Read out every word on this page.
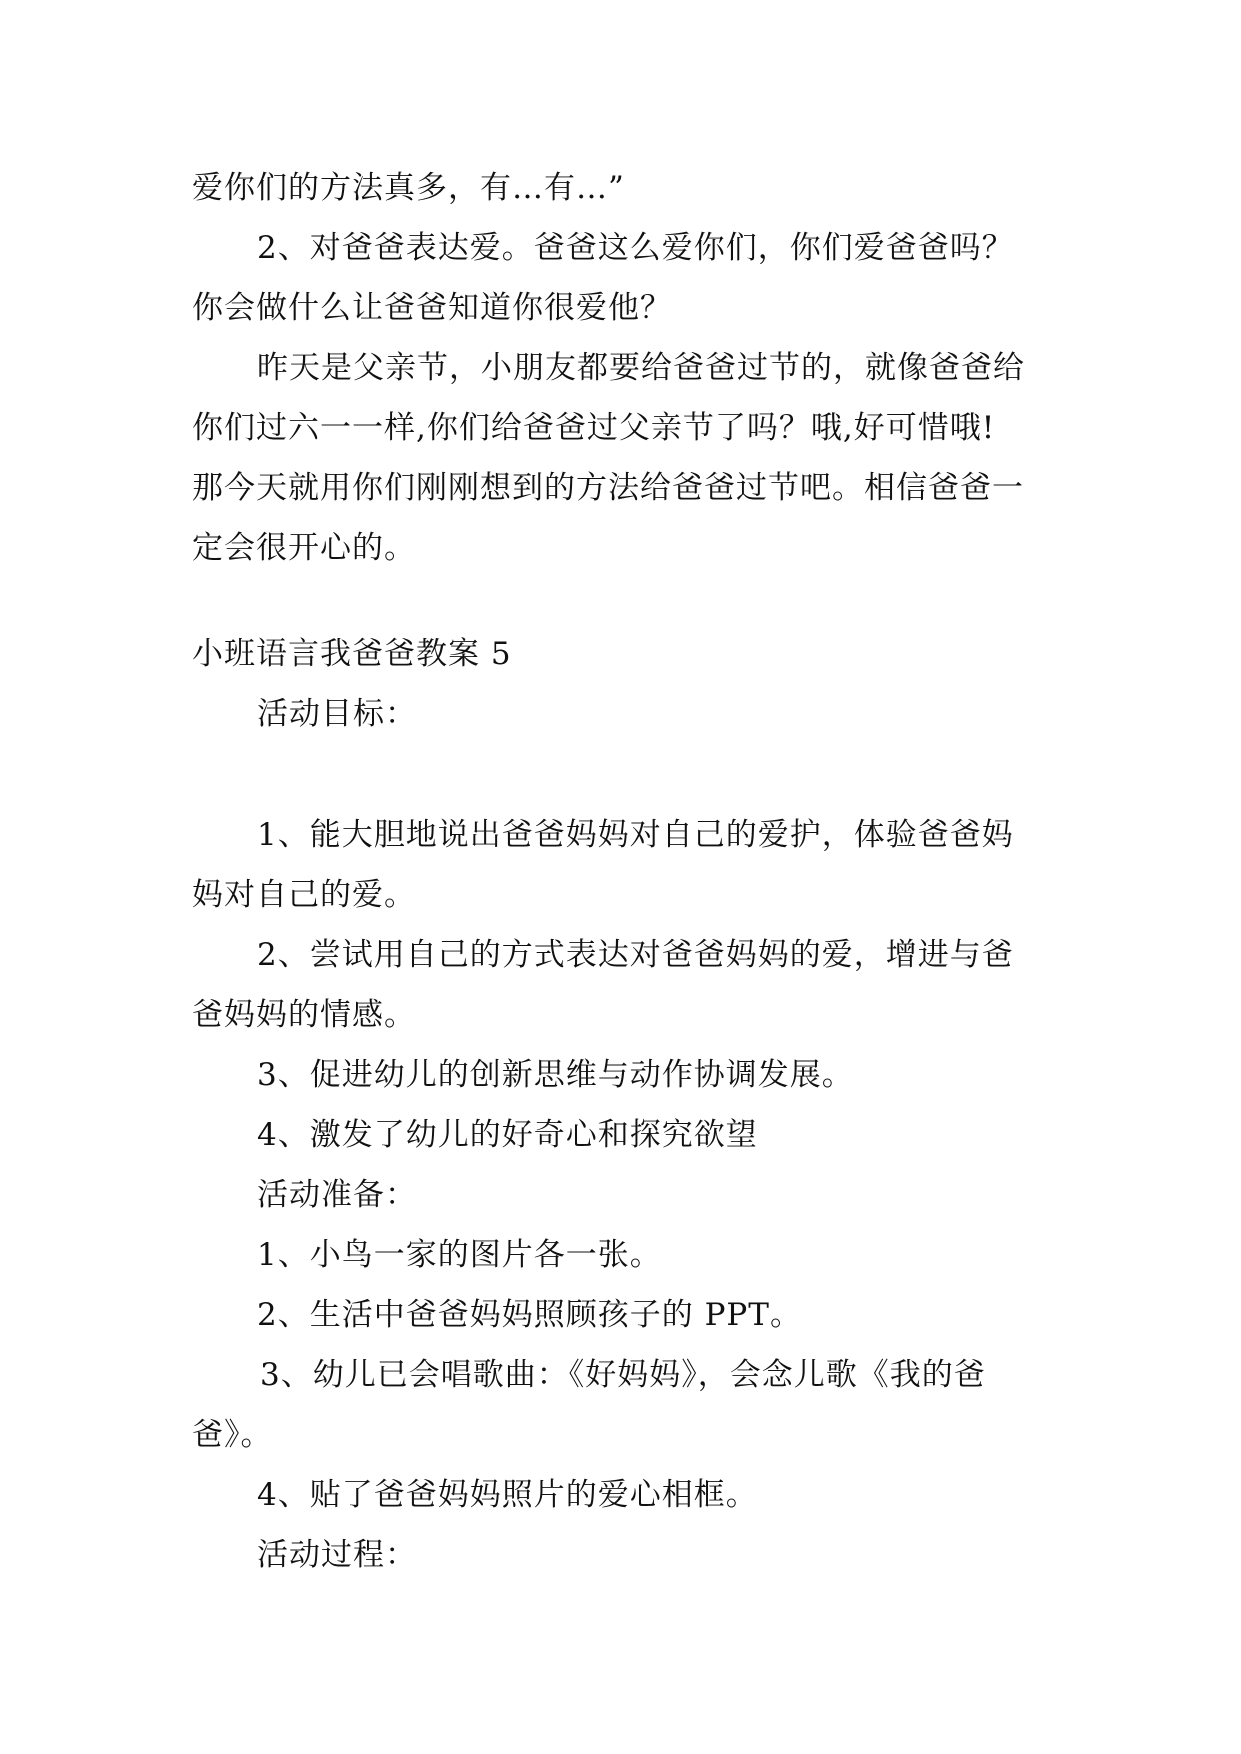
爱你们的方法真多，有…有…”
2、对爸爸表达爱。爸爸这么爱你们，你们爱爸爸吗？
你会做什么让爸爸知道你很爱他？
昨天是父亲节，小朋友都要给爸爸过节的，就像爸爸给
你们过六一一样,你们给爸爸过父亲节了吗？哦,好可惜哦!
那今天就用你们刚刚想到的方法给爸爸过节吧。相信爸爸一
定会很开心的。
小班语言我爸爸教案 5
活动目标：
1、能大胆地说出爸爸妈妈对自己的爱护，体验爸爸妈
妈对自己的爱。
2、尝试用自己的方式表达对爸爸妈妈的爱，增进与爸
爸妈妈的情感。
3、促进幼儿的创新思维与动作协调发展。
4、激发了幼儿的好奇心和探究欲望
活动准备：
1、小鸟一家的图片各一张。
2、生活中爸爸妈妈照顾孩子的 PPT。
3、幼儿已会唱歌曲：《好妈妈》，会念儿歌《我的爸
爸》。
4、贴了爸爸妈妈照片的爱心相框。
活动过程：
